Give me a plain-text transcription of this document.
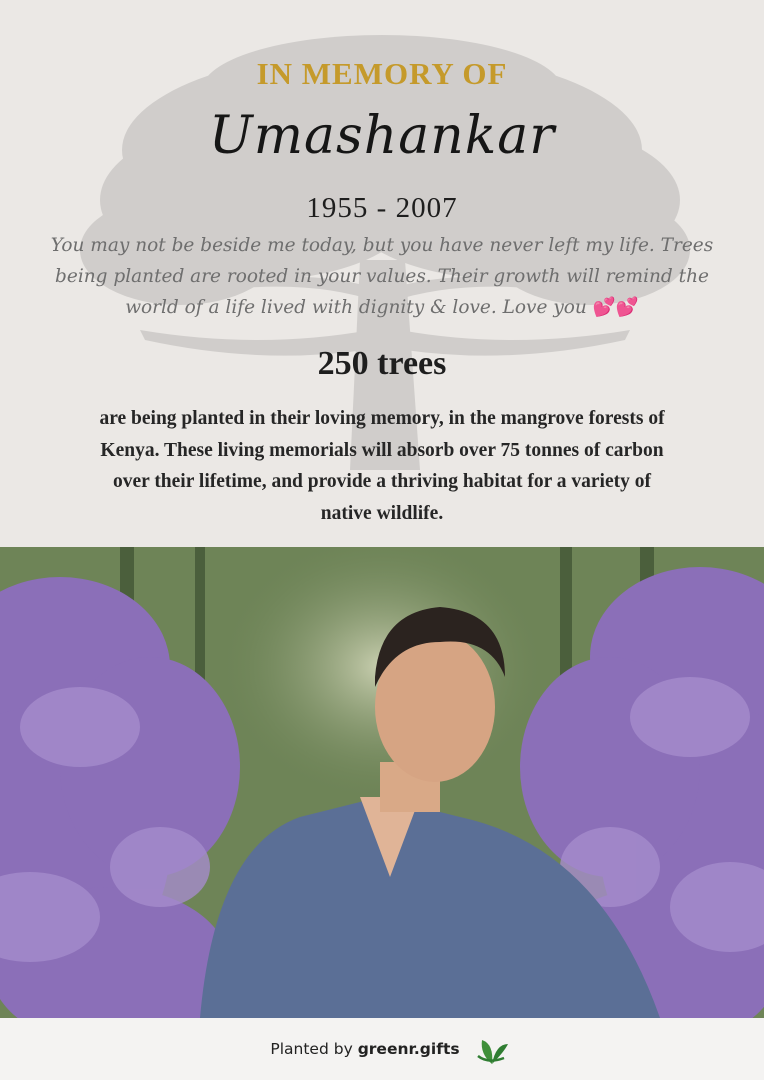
IN MEMORY OF
Umashankar
1955 - 2007
You may not be beside me today, but you have never left my life. Trees being planted are rooted in your values. Their growth will remind the world of a life lived with dignity & love. Love you 💕💕
250 trees
are being planted in their loving memory, in the mangrove forests of Kenya. These living memorials will absorb over 75 tonnes of carbon over their lifetime, and provide a thriving habitat for a variety of native wildlife.
Planted by greenr.gifts
